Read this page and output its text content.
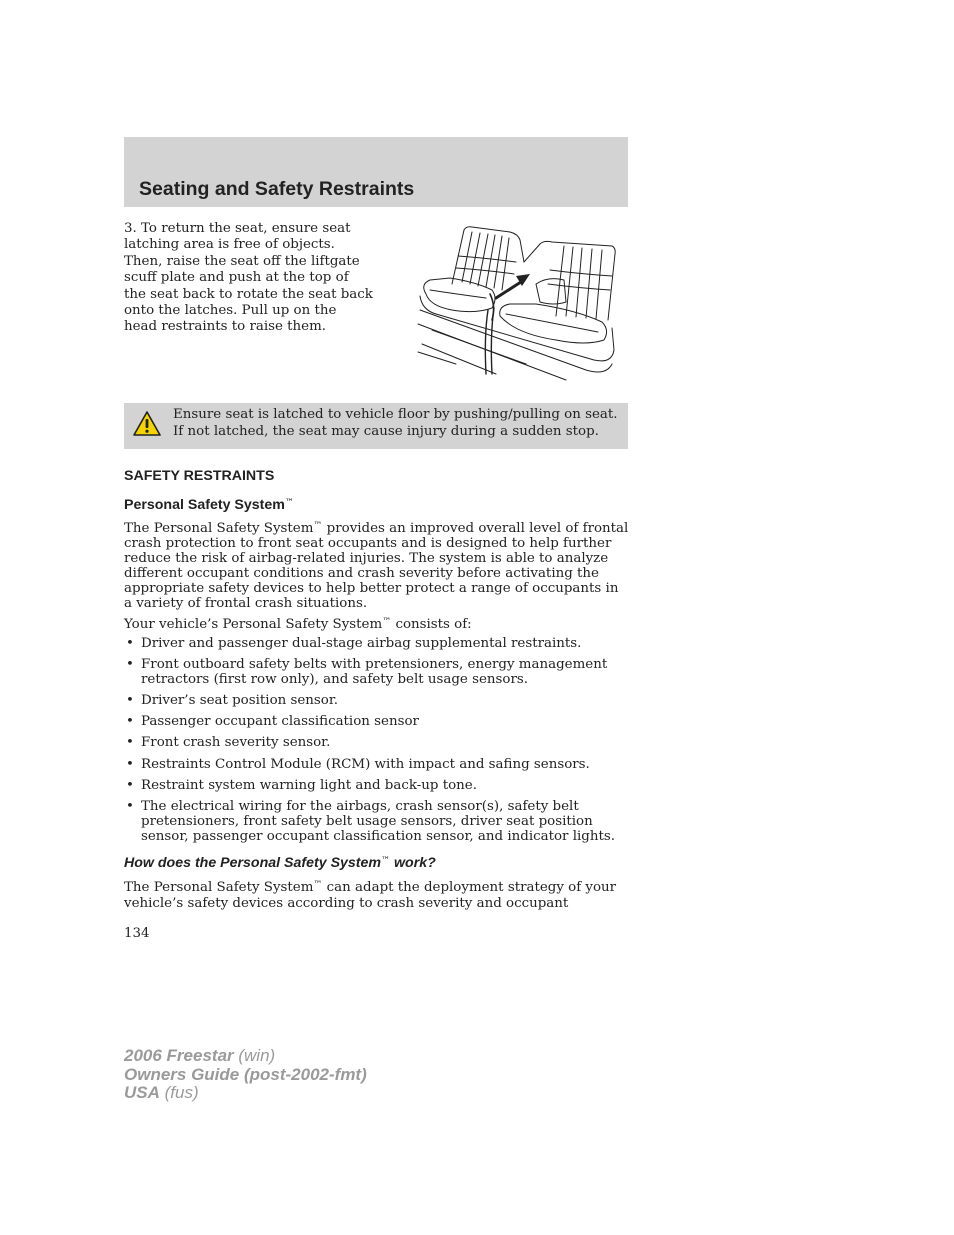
Seating and Safety Restraints
3. To return the seat, ensure seat
latching area is free of objects.
Then, raise the seat off the liftgate
scuff plate and push at the top of
the seat back to rotate the seat back
onto the latches. Pull up on the
head restraints to raise them.
Ensure seat is latched to vehicle floor by pushing/pulling on seat.
If not latched, the seat may cause injury during a sudden stop.
SAFETY RESTRAINTS
Personal Safety System™
The Personal Safety System™ provides an improved overall level of frontal crash protection to front seat occupants and is designed to help further reduce the risk of airbag-related injuries. The system is able to analyze different occupant conditions and crash severity before activating the appropriate safety devices to help better protect a range of occupants in a variety of frontal crash situations.
Your vehicle’s Personal Safety System™ consists of:
• Driver and passenger dual-stage airbag supplemental restraints.
• Front outboard safety belts with pretensioners, energy management retractors (first row only), and safety belt usage sensors.
• Driver’s seat position sensor.
• Passenger occupant classification sensor
• Front crash severity sensor.
• Restraints Control Module (RCM) with impact and safing sensors.
• Restraint system warning light and back-up tone.
• The electrical wiring for the airbags, crash sensor(s), safety belt pretensioners, front safety belt usage sensors, driver seat position sensor, passenger occupant classification sensor, and indicator lights.
How does the Personal Safety System™ work?
The Personal Safety System™ can adapt the deployment strategy of your vehicle’s safety devices according to crash severity and occupant
134
2006 Freestar (win)
Owners Guide (post-2002-fmt)
USA (fus)
